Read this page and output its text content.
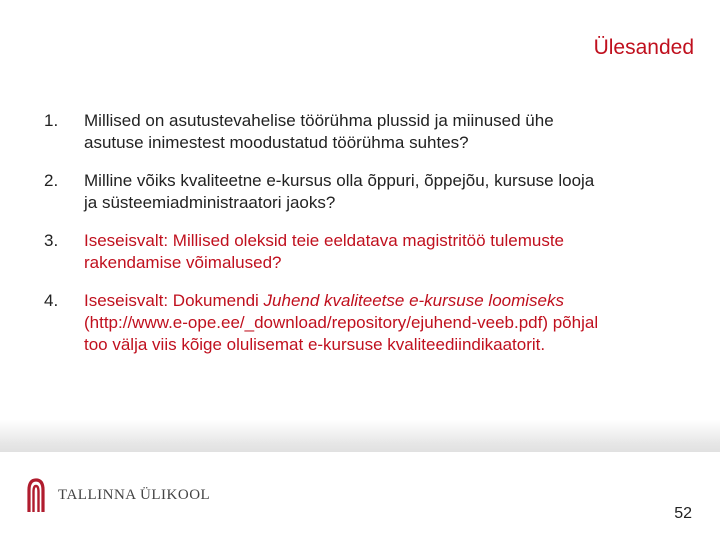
Ülesanded
1.	Millised on asutustevahelise töörühma plussid ja miinused ühe
asutuse inimestest moodustatud töörühma suhtes?
2.	Milline võiks kvaliteetne e-kursus olla õppuri, õppejõu, kursuse looja
ja süsteemiadministraatori jaoks?
3.	Iseseisvalt: Millised oleksid teie eeldatava magistritöö tulemuste
rakendamise võimalused?
4.	Iseseisvalt: Dokumendi Juhend kvaliteetse e-kursuse loomiseks
(http://www.e-ope.ee/_download/repository/ejuhend-veeb.pdf) põhjal
too välja viis kõige olulisemat e-kursuse kvaliteediindikaatorit.
TALLINNA ÜLIKOOL
52
